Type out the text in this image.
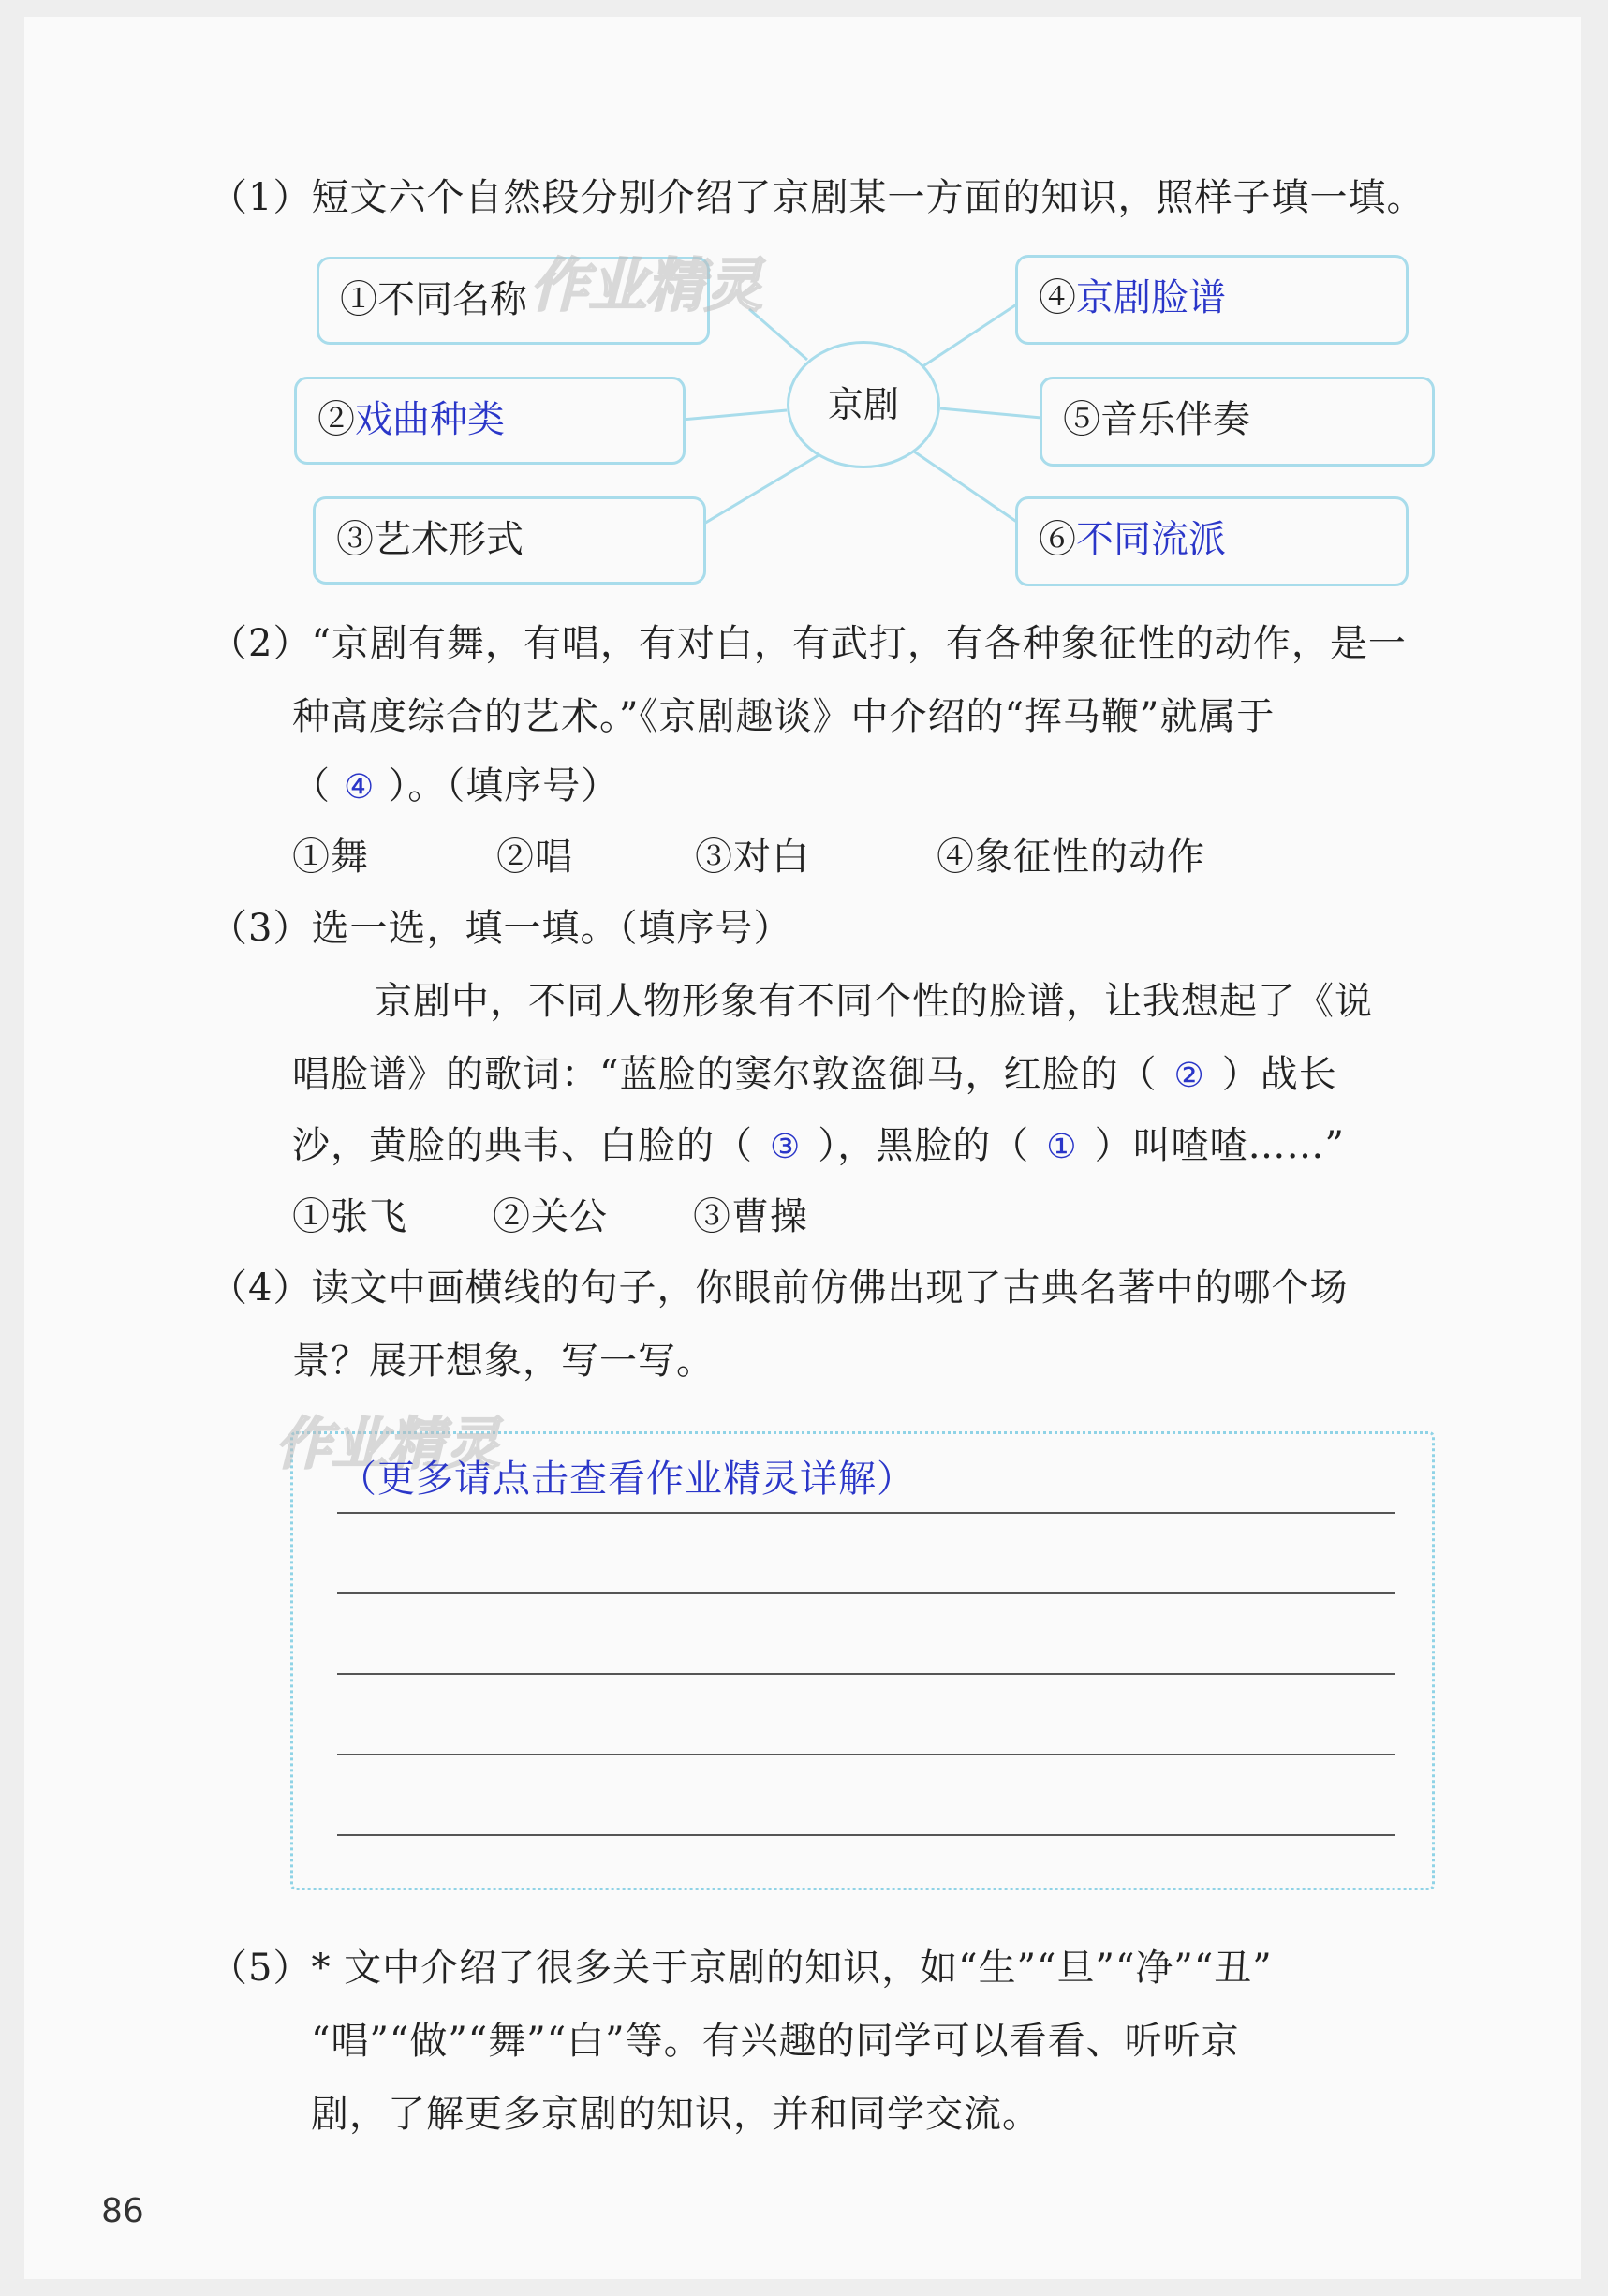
（1）短文六个自然段分别介绍了京剧某一方面的知识，照样子填一填。
①不同名称
②戏曲种类
③艺术形式
④京剧脸谱
⑤音乐伴奏
⑥不同流派
京剧
作业精灵
（2）“京剧有舞，有唱，有对白，有武打，有各种象征性的动作，是一
种高度综合的艺术。”《京剧趣谈》中介绍的“挥马鞭”就属于
（ ④ ）。（填序号）
①舞	②唱	③对白	④象征性的动作
（3）选一选，填一填。（填序号）
京剧中，不同人物形象有不同个性的脸谱，让我想起了《说
唱脸谱》的歌词：“蓝脸的窦尔敦盗御马，红脸的（ ② ）战长
沙，黄脸的典韦、白脸的（ ③ ），黑脸的（ ① ）叫喳喳……”
①张飞 ②关公 ③曹操
（4）读文中画横线的句子，你眼前仿佛出现了古典名著中的哪个场
景？展开想象，写一写。
作业精灵
（更多请点击查看作业精灵详解）
（5）* 文中介绍了很多关于京剧的知识，如“生”“旦”“净”“丑”
“唱”“做”“舞”“白”等。有兴趣的同学可以看看、听听京
剧，了解更多京剧的知识，并和同学交流。
86
